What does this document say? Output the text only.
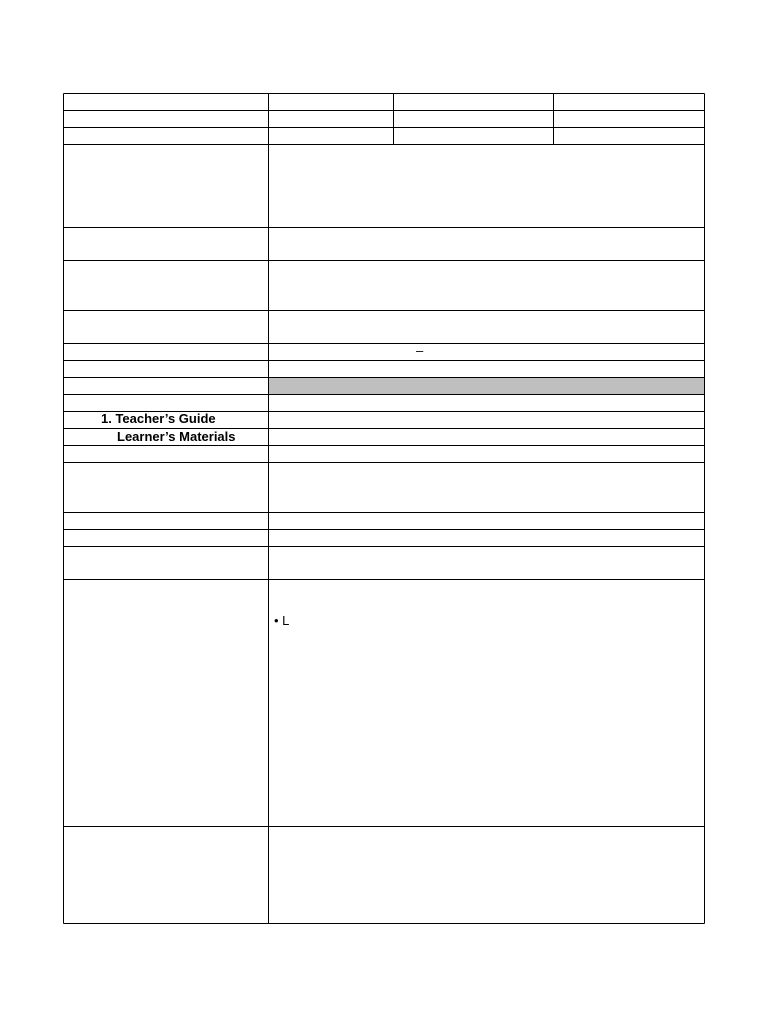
1. Teacher’s Guide
Learner’s Materials
–
• L
